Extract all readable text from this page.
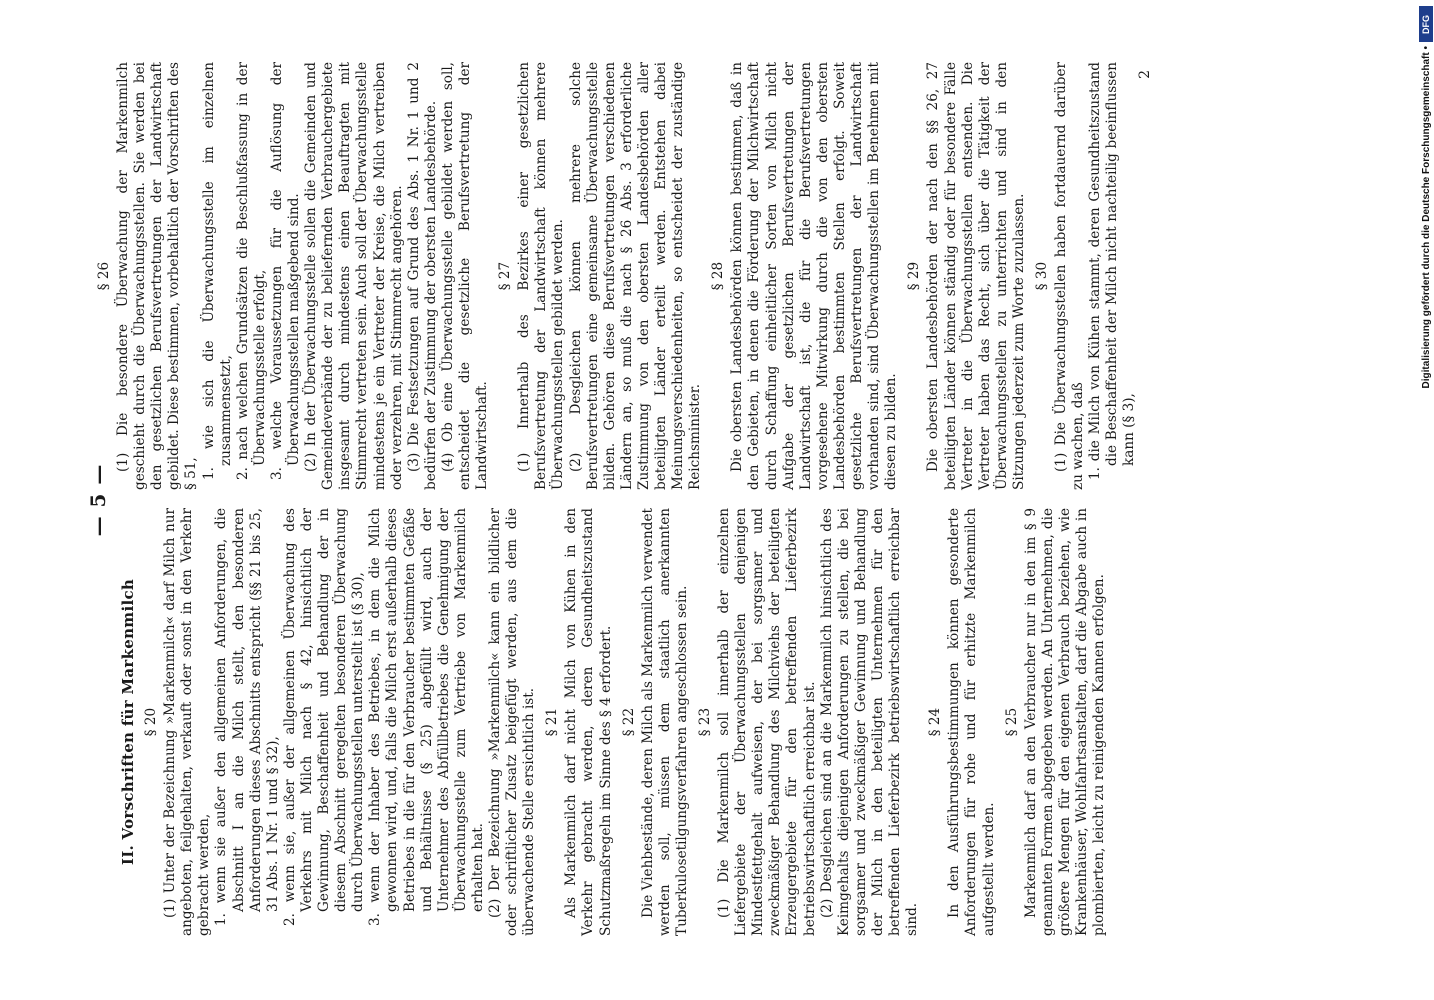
— 5 —
II. Vorschriften für Markenmilch § 20 (1) Unter der Bezeichnung »Markenmilch« darf Milch nur angeboten, feilgehalten, verkauft oder sonst in den Verkehr gebracht werden, 1. wenn sie außer den allgemeinen Anforderungen, die Abschnitt I an die Milch stellt, den besonderen Anforderungen dieses Abschnitts entspricht (§§ 21 bis 25, 31 Abs. 1 Nr. 1 und § 32), 2. wenn sie, außer der allgemeinen Überwachung des Verkehrs mit Milch nach § 42, hinsichtlich der Gewinnung, Beschaffenheit und Behandlung der in diesem Abschnitt geregelten besonderen Überwachung durch Überwachungsstellen unterstellt ist (§ 30), 3. wenn der Inhaber des Betriebes, in dem die Milch gewonnen wird, und, falls die Milch erst außerhalb dieses Betriebes in die für den Verbraucher bestimmten Gefäße und Behältnisse (§ 25) abgefüllt wird, auch der Unternehmer des Abfüllbetriebes die Genehmigung der Überwachungsstelle zum Vertriebe von Markenmilch erhalten hat. (2) Der Bezeichnung »Markenmilch« kann ein bildlicher oder schriftlicher Zusatz beigefügt werden, aus dem die überwachende Stelle ersichtlich ist. § 21 Als Markenmilch darf nicht Milch von Kühen in den Verkehr gebracht werden, deren Gesundheitszustand Schutzmaßregeln im Sinne des § 4 erfordert. § 22 Die Viehbestände, deren Milch als Markenmilch verwendet werden soll, müssen dem staatlich anerkannten Tuberkulosetilgungsverfahren angeschlossen sein. § 23 (1) Die Markenmilch soll innerhalb der einzelnen Liefergebiete der Überwachungsstellen denjenigen Mindestfettgehalt aufweisen, der bei sorgsamer und zweckmäßiger Behandlung des Milchviehs der beteiligten Erzeugergebiete für den betreffenden Lieferbezirk betriebswirtschaftlich erreichbar ist. (2) Desgleichen sind an die Markenmilch hinsichtlich des Keimgehalts diejenigen Anforderungen zu stellen, die bei sorgsamer und zweckmäßiger Gewinnung und Behandlung der Milch in den beteiligten Unternehmen für den betreffenden Lieferbezirk betriebswirtschaftlich erreichbar sind.

§ 24 In den Ausführungsbestimmungen können gesonderte Anforderungen für rohe und für erhitzte Markenmilch aufgestellt werden.

§ 25 Markenmilch darf an den Verbraucher nur in den im § 9 genannten Formen abgegeben werden. An Unternehmen, die größere Mengen für den eigenen Verbrauch beziehen, wie Krankenhäuser, Wohlfahrtsanstalten, darf die Abgabe auch in plombierten, leicht zu reinigenden Kannen erfolgen.

§ 26 (1) Die besondere Überwachung der Markenmilch geschieht durch die Überwachungsstellen. Sie werden bei den gesetzlichen Berufsvertretungen der Landwirtschaft gebildet. Diese bestimmen, vorbehaltlich der Vorschriften des § 51, 1. wie sich die Überwachungsstelle im einzelnen zusammensetzt, 2. nach welchen Grundsätzen die Beschlußfassung in der Überwachungsstelle erfolgt, 3. welche Voraussetzungen für die Auflösung der Überwachungsstellen maßgebend sind. (2) In der Überwachungsstelle sollen die Gemeinden und Gemeindeverbände der zu beliefernden Verbrauchergebiete insgesamt durch mindestens einen Beauftragten mit Stimmrecht vertreten sein. Auch soll der Überwachungsstelle mindestens je ein Vertreter der Kreise, die Milch vertreiben oder verzehren, mit Stimmrecht angehören. (3) Die Festsetzungen auf Grund des Abs. 1 Nr. 1 und 2 bedürfen der Zustimmung der obersten Landesbehörde. (4) Ob eine Überwachungsstelle gebildet werden soll, entscheidet die gesetzliche Berufsvertretung der Landwirtschaft.

§ 27 (1) Innerhalb des Bezirkes einer gesetzlichen Berufsvertretung der Landwirtschaft können mehrere Überwachungsstellen gebildet werden. (2) Desgleichen können mehrere solche Berufsvertretungen eine gemeinsame Überwachungsstelle bilden. Gehören diese Berufsvertretungen verschiedenen Ländern an, so muß die nach § 26 Abs. 3 erforderliche Zustimmung von den obersten Landesbehörden aller beteiligten Länder erteilt werden. Entstehen dabei Meinungsverschiedenheiten, so entscheidet der zuständige Reichsminister.

§ 28 Die obersten Landesbehörden können bestimmen, daß in den Gebieten, in denen die Förderung der Milchwirtschaft durch Schaffung einheitlicher Sorten von Milch nicht Aufgabe der gesetzlichen Berufsvertretungen der Landwirtschaft ist, die für die Berufsvertretungen vorgesehene Mitwirkung durch die von den obersten Landesbehörden bestimmten Stellen erfolgt. Soweit gesetzliche Berufsvertretungen der Landwirtschaft vorhanden sind, sind Überwachungsstellen im Benehmen mit diesen zu bilden.

§ 29 Die obersten Landesbehörden der nach den §§ 26, 27 beteiligten Länder können ständig oder für besondere Fälle Vertreter in die Überwachungsstellen entsenden. Die Vertreter haben das Recht, sich über die Tätigkeit der Überwachungsstellen zu unterrichten und sind in den Sitzungen jederzeit zum Worte zuzulassen. § 30 (1) Die Überwachungsstellen haben fortdauernd darüber zu wachen, daß 1. die Milch von Kühen stammt, deren Gesundheitszustand die Beschaffenheit der Milch nicht nachteilig beeinflussen kann (§ 3),

2
DFG
Digitalisierung gefördert durch die Deutsche Forschungsgemeinschaft •
